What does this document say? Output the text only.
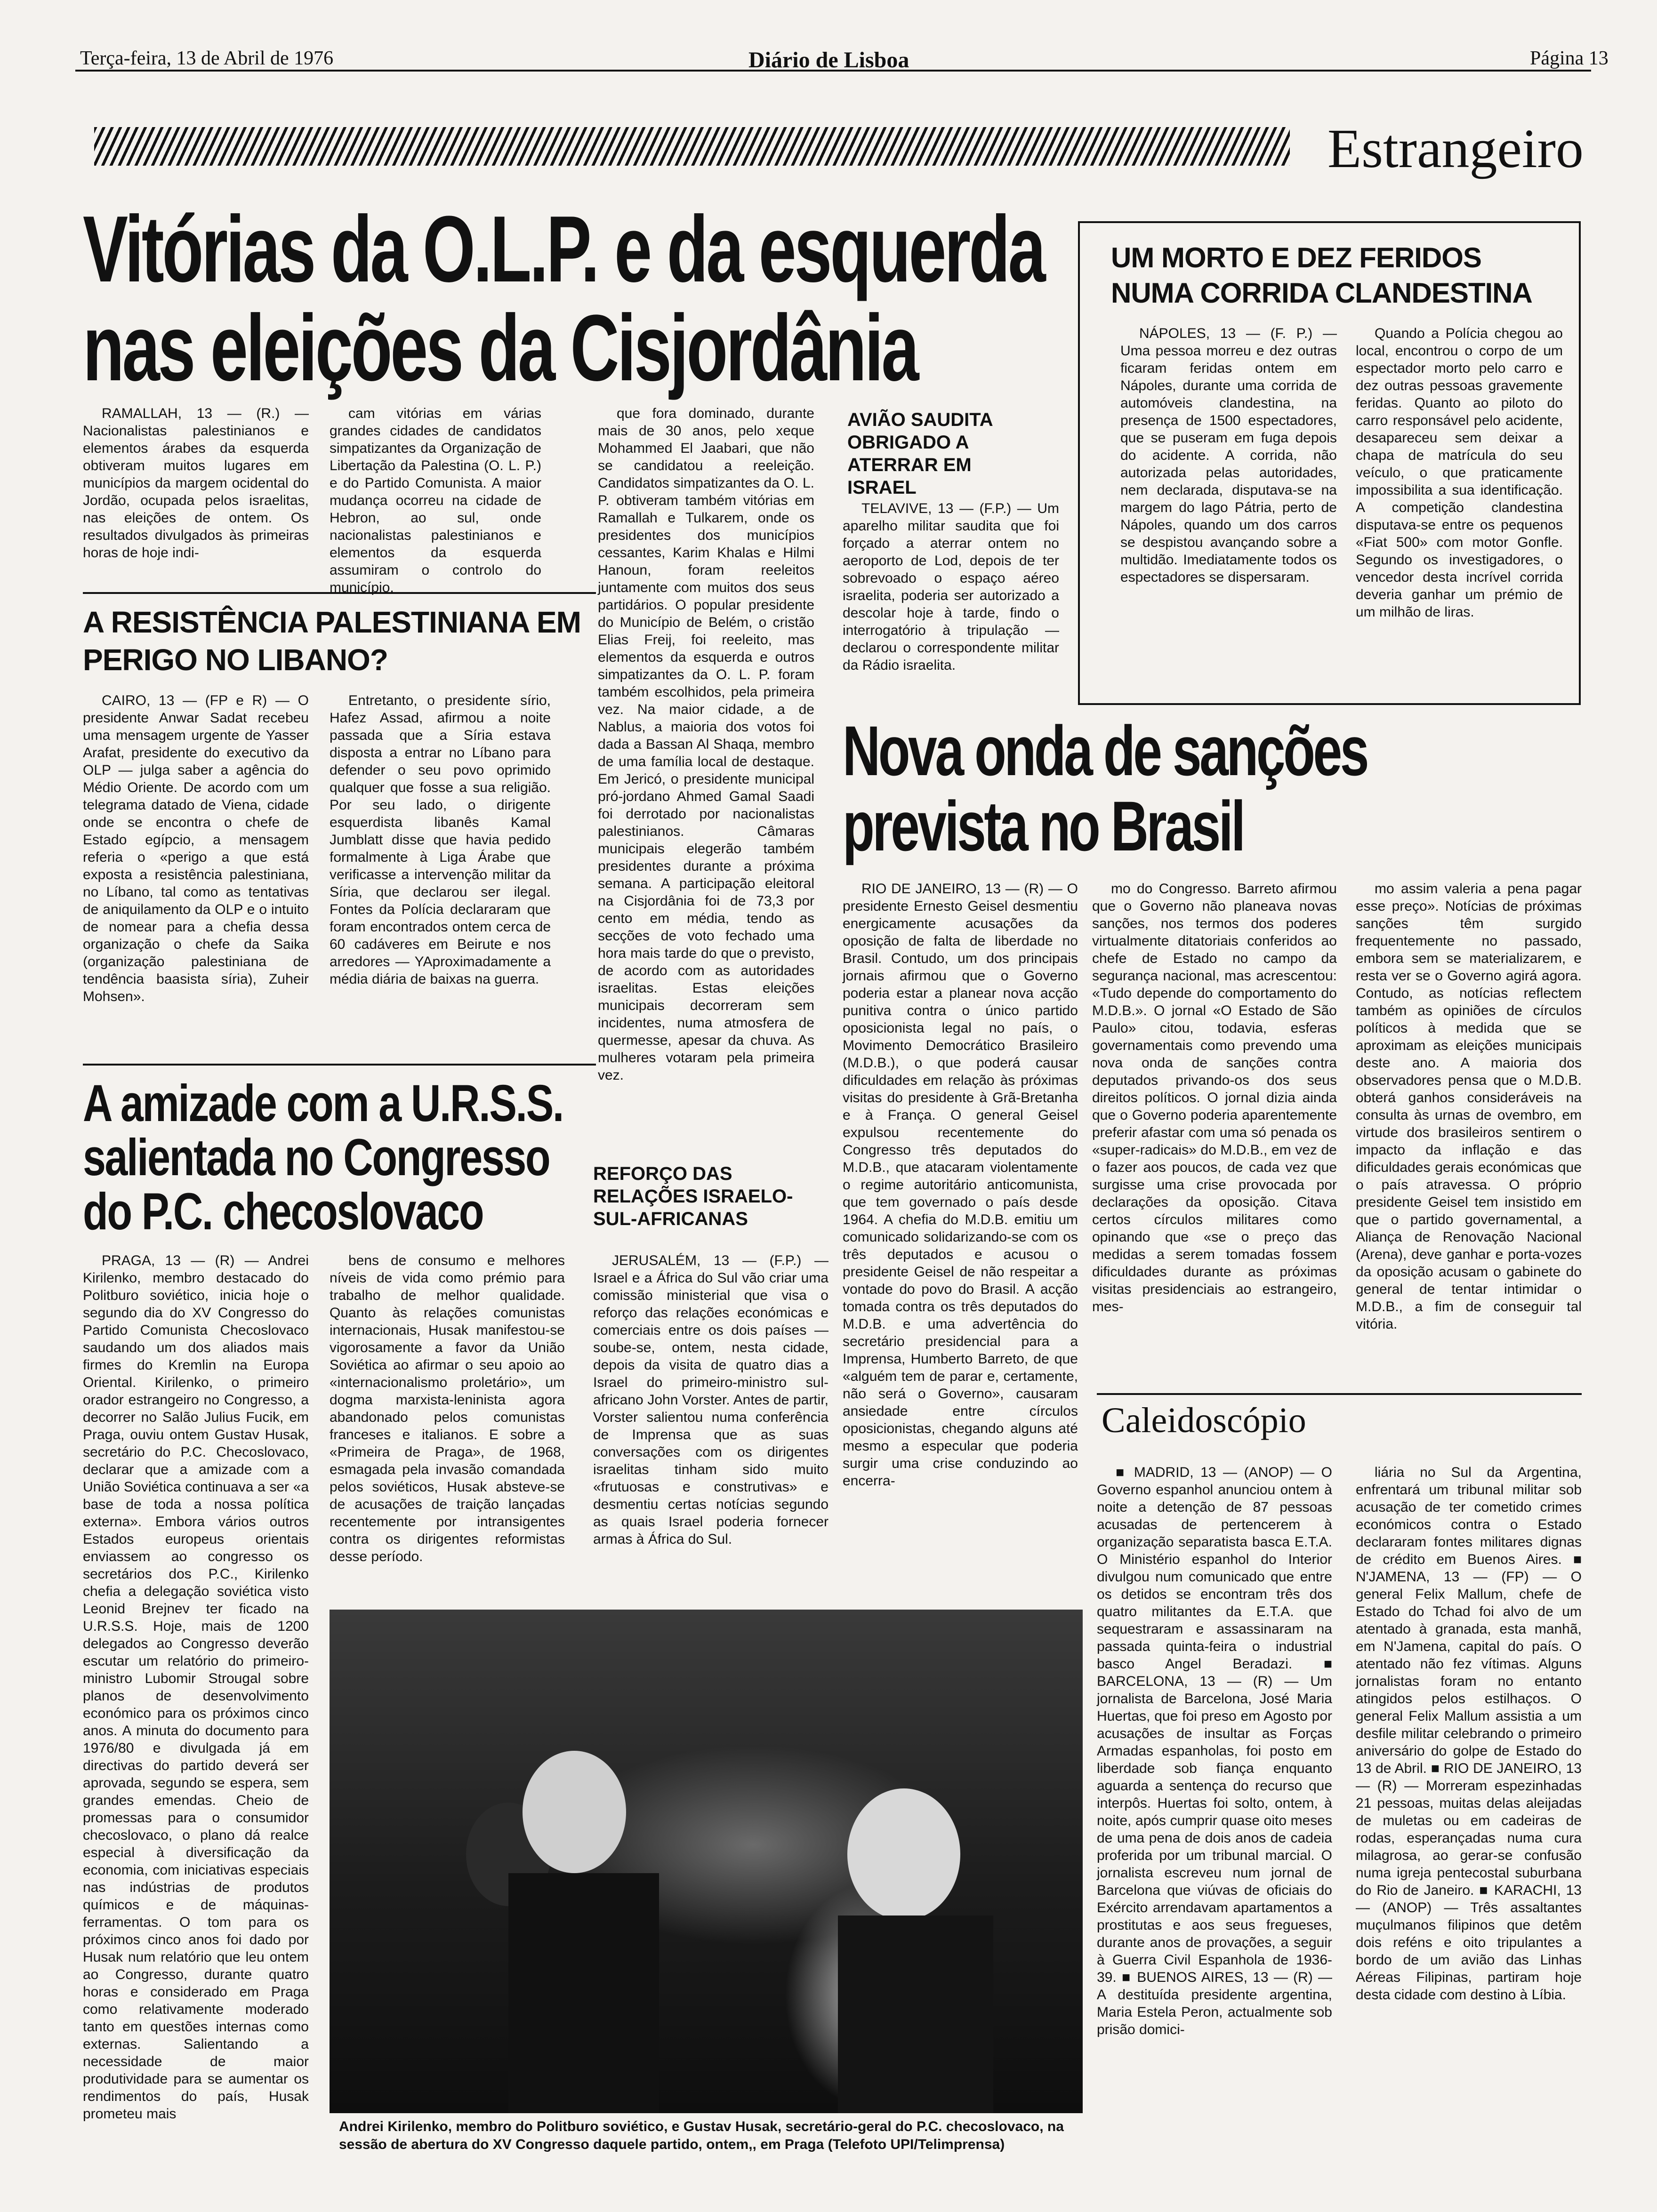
Terça-feira, 13 de Abril de 1976	Diário de Lisboa	Página 13
Estrangeiro
Vitórias da O.L.P. e da esquerda
nas eleições da Cisjordânia

RAMALLAH, 13 — (R.) — Nacionalistas palestinianos e elementos árabes da esquerda obtiveram muitos lugares em municípios da margem ocidental do Jordão, ocupada pelos israelitas, nas eleições de ontem. Os resultados divulgados às primeiras horas de hoje indi-

cam vitórias em várias grandes cidades de candidatos simpatizantes da Organização de Libertação da Palestina (O. L. P.) e do Partido Comunista. A maior mudança ocorreu na cidade de Hebron, ao sul, onde nacionalistas palestinianos e elementos da esquerda assumiram o controlo do município,

que fora dominado, durante mais de 30 anos, pelo xeque Mohammed El Jaabari, que não se candidatou a reeleição. Candidatos simpatizantes da O. L. P. obtiveram também vitórias em Ramallah e Tulkarem, onde os presidentes dos municípios cessantes, Karim Khalas e Hilmi Hanoun, foram reeleitos juntamente com muitos dos seus partidários. O popular presidente do Município de Belém, o cristão Elias Freij, foi reeleito, mas elementos da esquerda e outros simpatizantes da O. L. P. foram também escolhidos, pela primeira vez. Na maior cidade, a de Nablus, a maioria dos votos foi dada a Bassan Al Shaqa, membro de uma família local de destaque. Em Jericó, o presidente municipal pró-jordano Ahmed Gamal Saadi foi derrotado por nacionalistas palestinianos. Câmaras municipais elegerão também presidentes durante a próxima semana. A participação eleitoral na Cisjordânia foi de 73,3 por cento em média, tendo as secções de voto fechado uma hora mais tarde do que o previsto, de acordo com as autoridades israelitas. Estas eleições municipais decorreram sem incidentes, numa atmosfera de quermesse, apesar da chuva. As mulheres votaram pela primeira vez.

AVIÃO SAUDITA OBRIGADO A ATERRAR EM ISRAEL

TELAVIVE, 13 — (F.P.) — Um aparelho militar saudita que foi forçado a aterrar ontem no aeroporto de Lod, depois de ter sobrevoado o espaço aéreo israelita, poderia ser autorizado a descolar hoje à tarde, findo o interrogatório à tripulação — declarou o correspondente militar da Rádio israelita.

UM MORTO E DEZ FERIDOS NUMA CORRIDA CLANDESTINA

NÁPOLES, 13 — (F. P.) — Uma pessoa morreu e dez outras ficaram feridas ontem em Nápoles, durante uma corrida de automóveis clandestina, na presença de 1500 espectadores, que se puseram em fuga depois do acidente. A corrida, não autorizada pelas autoridades, nem declarada, disputava-se na margem do lago Pátria, perto de Nápoles, quando um dos carros se despistou avançando sobre a multidão. Imediatamente todos os espectadores se dispersaram.

Quando a Polícia chegou ao local, encontrou o corpo de um espectador morto pelo carro e dez outras pessoas gravemente feridas. Quanto ao piloto do carro responsável pelo acidente, desapareceu sem deixar a chapa de matrícula do seu veículo, o que praticamente impossibilita a sua identificação. A competição clandestina disputava-se entre os pequenos «Fiat 500» com motor Gonfle. Segundo os investigadores, o vencedor desta incrível corrida deveria ganhar um prémio de um milhão de liras.

A RESISTÊNCIA PALESTINIANA EM PERIGO NO LIBANO?

CAIRO, 13 — (FP e R) — O presidente Anwar Sadat recebeu uma mensagem urgente de Yasser Arafat, presidente do executivo da OLP — julga saber a agência do Médio Oriente. De acordo com um telegrama datado de Viena, cidade onde se encontra o chefe de Estado egípcio, a mensagem referia o «perigo a que está exposta a resistência palestiniana, no Líbano, tal como as tentativas de aniquilamento da OLP e o intuito de nomear para a chefia dessa organização o chefe da Saika (organização palestiniana de tendência baasista síria), Zuheir Mohsen».

Entretanto, o presidente sírio, Hafez Assad, afirmou a noite passada que a Síria estava disposta a entrar no Líbano para defender o seu povo oprimido qualquer que fosse a sua religião. Por seu lado, o dirigente esquerdista libanês Kamal Jumblatt disse que havia pedido formalmente à Liga Árabe que verificasse a intervenção militar da Síria, que declarou ser ilegal. Fontes da Polícia declararam que foram encontrados ontem cerca de 60 cadáveres em Beirute e nos arredores — YAproximadamente a média diária de baixas na guerra.

Nova onda de sanções
prevista no Brasil

RIO DE JANEIRO, 13 — (R) — O presidente Ernesto Geisel desmentiu energicamente acusações da oposição de falta de liberdade no Brasil. Contudo, um dos principais jornais afirmou que o Governo poderia estar a planear nova acção punitiva contra o único partido oposicionista legal no país, o Movimento Democrático Brasileiro (M.D.B.), o que poderá causar dificuldades em relação às próximas visitas do presidente à Grã-Bretanha e à França. O general Geisel expulsou recentemente do Congresso três deputados do M.D.B., que atacaram violentamente o regime autoritário anticomunista, que tem governado o país desde 1964. A chefia do M.D.B. emitiu um comunicado solidarizando-se com os três deputados e acusou o presidente Geisel de não respeitar a vontade do povo do Brasil. A acção tomada contra os três deputados do M.D.B. e uma advertência do secretário presidencial para a Imprensa, Humberto Barreto, de que «alguém tem de parar e, certamente, não será o Governo», causaram ansiedade entre círculos oposicionistas, chegando alguns até mesmo a especular que poderia surgir uma crise conduzindo ao encerra-

mo do Congresso. Barreto afirmou que o Governo não planeava novas sanções, nos termos dos poderes virtualmente ditatoriais conferidos ao chefe de Estado no campo da segurança nacional, mas acrescentou: «Tudo depende do comportamento do M.D.B.». O jornal «O Estado de São Paulo» citou, todavia, esferas governamentais como prevendo uma nova onda de sanções contra deputados privando-os dos seus direitos políticos. O jornal dizia ainda que o Governo poderia aparentemente preferir afastar com uma só penada os «super-radicais» do M.D.B., em vez de o fazer aos poucos, de cada vez que surgisse uma crise provocada por declarações da oposição. Citava certos círculos militares como opinando que «se o preço das medidas a serem tomadas fossem dificuldades durante as próximas visitas presidenciais ao estrangeiro, mes-

mo assim valeria a pena pagar esse preço». Notícias de próximas sanções têm surgido frequentemente no passado, embora sem se materializarem, e resta ver se o Governo agirá agora. Contudo, as notícias reflectem também as opiniões de círculos políticos à medida que se aproximam as eleições municipais deste ano. A maioria dos observadores pensa que o M.D.B. obterá ganhos consideráveis na consulta às urnas de ovembro, em virtude dos brasileiros sentirem o impacto da inflação e das dificuldades gerais económicas que o país atravessa. O próprio presidente Geisel tem insistido em que o partido governamental, a Aliança de Renovação Nacional (Arena), deve ganhar e porta-vozes da oposição acusam o gabinete do general de tentar intimidar o M.D.B., a fim de conseguir tal vitória.

A amizade com a U.R.S.S.
salientada no Congresso
do P.C. checoslovaco

PRAGA, 13 — (R) — Andrei Kirilenko, membro destacado do Politburo soviético, inicia hoje o segundo dia do XV Congresso do Partido Comunista Checoslovaco saudando um dos aliados mais firmes do Kremlin na Europa Oriental. Kirilenko, o primeiro orador estrangeiro no Congresso, a decorrer no Salão Julius Fucik, em Praga, ouviu ontem Gustav Husak, secretário do P.C. Checoslovaco, declarar que a amizade com a União Soviética continuava a ser «a base de toda a nossa política externa». Embora vários outros Estados europeus orientais enviassem ao congresso os secretários dos P.C., Kirilenko chefia a delegação soviética visto Leonid Brejnev ter ficado na U.R.S.S. Hoje, mais de 1200 delegados ao Congresso deverão escutar um relatório do primeiro-ministro Lubomir Strougal sobre planos de desenvolvimento económico para os próximos cinco anos. A minuta do documento para 1976/80 e divulgada já em directivas do partido deverá ser aprovada, segundo se espera, sem grandes emendas. Cheio de promessas para o consumidor checoslovaco, o plano dá realce especial à diversificação da economia, com iniciativas especiais nas indústrias de produtos químicos e de máquinas-ferramentas. O tom para os próximos cinco anos foi dado por Husak num relatório que leu ontem ao Congresso, durante quatro horas e considerado em Praga como relativamente moderado tanto em questões internas como externas. Salientando a necessidade de maior produtividade para se aumentar os rendimentos do país, Husak prometeu mais

bens de consumo e melhores níveis de vida como prémio para trabalho de melhor qualidade. Quanto às relações comunistas internacionais, Husak manifestou-se vigorosamente a favor da União Soviética ao afirmar o seu apoio ao «internacionalismo proletário», um dogma marxista-leninista agora abandonado pelos comunistas franceses e italianos. E sobre a «Primeira de Praga», de 1968, esmagada pela invasão comandada pelos soviéticos, Husak absteve-se de acusações de traição lançadas recentemente por intransigentes contra os dirigentes reformistas desse período.

REFORÇO DAS RELAÇÕES ISRAELO-SUL-AFRICANAS

JERUSALÉM, 13 — (F.P.) — Israel e a África do Sul vão criar uma comissão ministerial que visa o reforço das relações económicas e comerciais entre os dois países — soube-se, ontem, nesta cidade, depois da visita de quatro dias a Israel do primeiro-ministro sul-africano John Vorster. Antes de partir, Vorster salientou numa conferência de Imprensa que as suas conversações com os dirigentes israelitas tinham sido muito «frutuosas e construtivas» e desmentiu certas notícias segundo as quais Israel poderia fornecer armas à África do Sul.

Andrei Kirilenko, membro do Politburo soviético, e Gustav Husak, secretário-geral do P.C. checoslovaco, na sessão de abertura do XV Congresso daquele partido, ontem,, em Praga (Telefoto UPI/Telimprensa)
Caleidoscópio

■ MADRID, 13 — (ANOP) — O Governo espanhol anunciou ontem à noite a detenção de 87 pessoas acusadas de pertencerem à organização separatista basca E.T.A. O Ministério espanhol do Interior divulgou num comunicado que entre os detidos se encontram três dos quatro militantes da E.T.A. que sequestraram e assassinaram na passada quinta-feira o industrial basco Angel Beradazi. ■ BARCELONA, 13 — (R) — Um jornalista de Barcelona, José Maria Huertas, que foi preso em Agosto por acusações de insultar as Forças Armadas espanholas, foi posto em liberdade sob fiança enquanto aguarda a sentença do recurso que interpôs. Huertas foi solto, ontem, à noite, após cumprir quase oito meses de uma pena de dois anos de cadeia proferida por um tribunal marcial. O jornalista escreveu num jornal de Barcelona que viúvas de oficiais do Exército arrendavam apartamentos a prostitutas e aos seus fregueses, durante anos de provações, a seguir à Guerra Civil Espanhola de 1936-39. ■ BUENOS AIRES, 13 — (R) — A destituída presidente argentina, Maria Estela Peron, actualmente sob prisão domici-

liária no Sul da Argentina, enfrentará um tribunal militar sob acusação de ter cometido crimes económicos contra o Estado declararam fontes militares dignas de crédito em Buenos Aires. ■ N'JAMENA, 13 — (FP) — O general Felix Mallum, chefe de Estado do Tchad foi alvo de um atentado à granada, esta manhã, em N'Jamena, capital do país. O atentado não fez vítimas. Alguns jornalistas foram no entanto atingidos pelos estilhaços. O general Felix Mallum assistia a um desfile militar celebrando o primeiro aniversário do golpe de Estado do 13 de Abril. ■ RIO DE JANEIRO, 13 — (R) — Morreram espezinhadas 21 pessoas, muitas delas aleijadas de muletas ou em cadeiras de rodas, esperançadas numa cura milagrosa, ao gerar-se confusão numa igreja pentecostal suburbana do Rio de Janeiro. ■ KARACHI, 13 — (ANOP) — Três assaltantes muçulmanos filipinos que detêm dois reféns e oito tripulantes a bordo de um avião das Linhas Aéreas Filipinas, partiram hoje desta cidade com destino à Líbia.
